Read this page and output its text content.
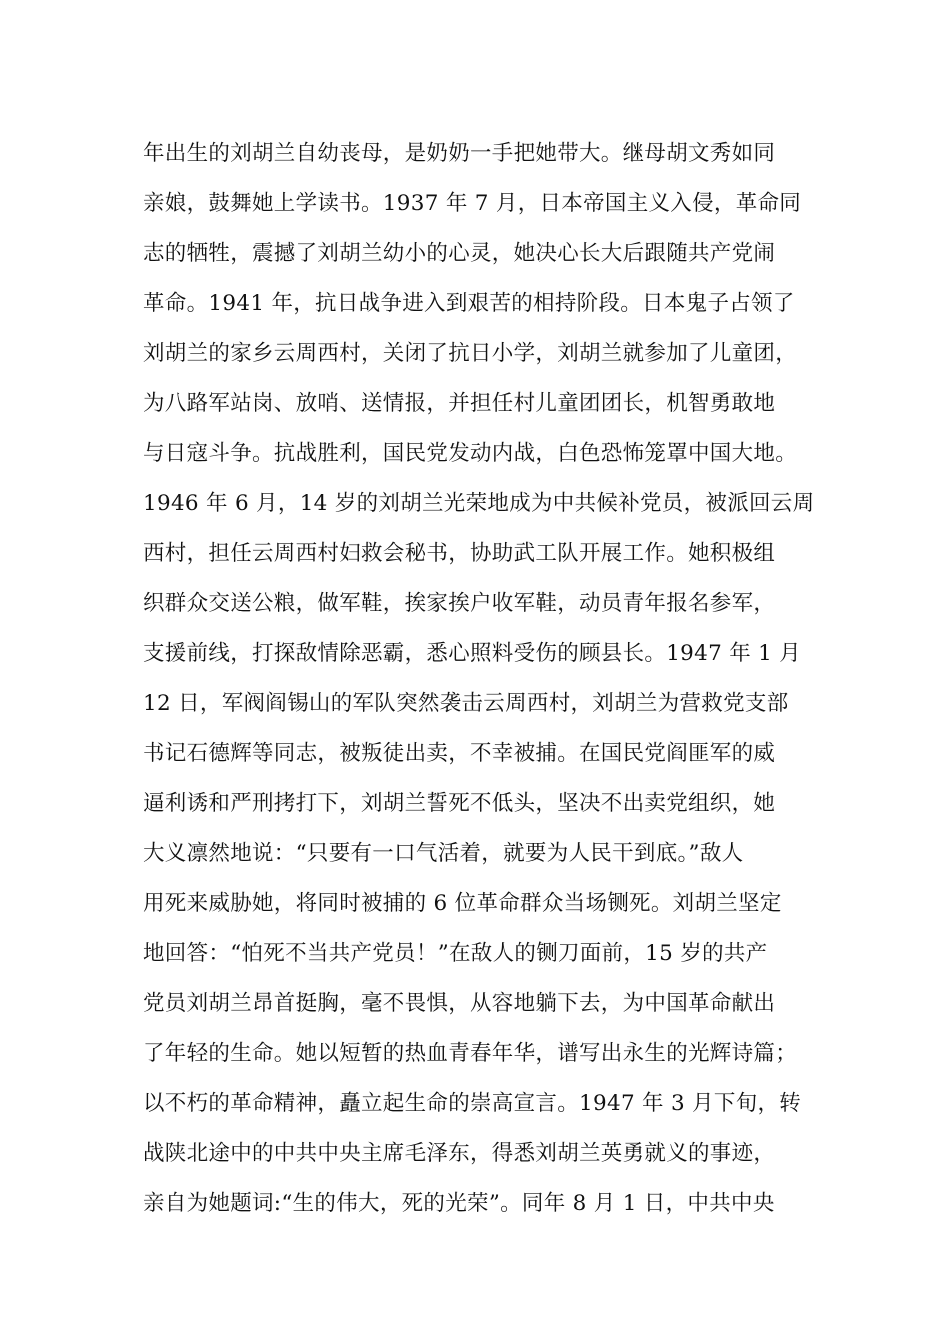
年出生的刘胡兰自幼丧母，是奶奶一手把她带大。继母胡文秀如同
亲娘，鼓舞她上学读书。1937 年 7 月，日本帝国主义入侵，革命同
志的牺牲，震撼了刘胡兰幼小的心灵，她决心长大后跟随共产党闹
革命。1941 年，抗日战争进入到艰苦的相持阶段。日本鬼子占领了
刘胡兰的家乡云周西村，关闭了抗日小学，刘胡兰就参加了儿童团，
为八路军站岗、放哨、送情报，并担任村儿童团团长，机智勇敢地
与日寇斗争。抗战胜利，国民党发动内战，白色恐怖笼罩中国大地。
1946 年 6 月，14 岁的刘胡兰光荣地成为中共候补党员，被派回云周
西村，担任云周西村妇救会秘书，协助武工队开展工作。她积极组
织群众交送公粮，做军鞋，挨家挨户收军鞋，动员青年报名参军，
支援前线，打探敌情除恶霸，悉心照料受伤的顾县长。1947 年 1 月
12 日，军阀阎锡山的军队突然袭击云周西村，刘胡兰为营救党支部
书记石德辉等同志，被叛徒出卖，不幸被捕。在国民党阎匪军的威
逼利诱和严刑拷打下，刘胡兰誓死不低头，坚决不出卖党组织，她
大义凛然地说：“只要有一口气活着，就要为人民干到底。”敌人
用死来威胁她，将同时被捕的 6 位革命群众当场铡死。刘胡兰坚定
地回答：“怕死不当共产党员！”在敌人的铡刀面前，15 岁的共产
党员刘胡兰昂首挺胸，毫不畏惧，从容地躺下去，为中国革命献出
了年轻的生命。她以短暂的热血青春年华，谱写出永生的光辉诗篇；
以不朽的革命精神，矗立起生命的崇高宣言。1947 年 3 月下旬，转
战陕北途中的中共中央主席毛泽东，得悉刘胡兰英勇就义的事迹，
亲自为她题词:“生的伟大，死的光荣”。同年 8 月 1 日，中共中央
